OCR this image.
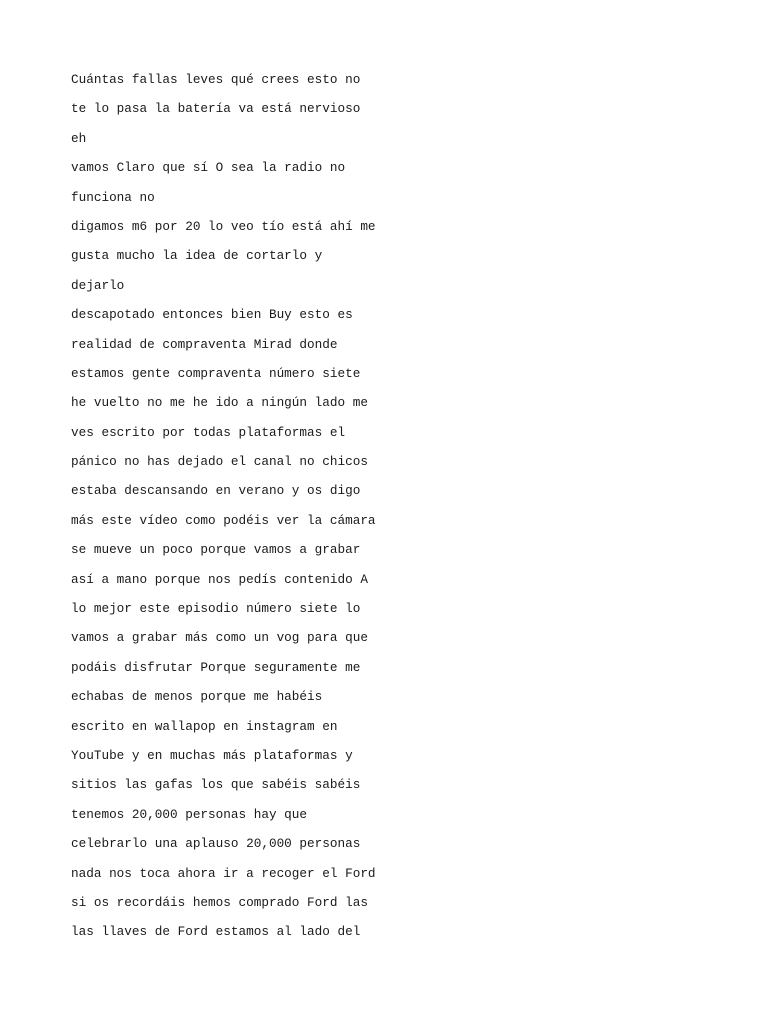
Cuántas fallas leves qué crees esto no
te lo pasa la batería va está nervioso
eh
vamos Claro que sí O sea la radio no
funciona no
digamos m6 por 20 lo veo tío está ahí me
gusta mucho la idea de cortarlo y
dejarlo
descapotado entonces bien Buy esto es
realidad de compraventa Mirad donde
estamos gente compraventa número siete
he vuelto no me he ido a ningún lado me
ves escrito por todas plataformas el
pánico no has dejado el canal no chicos
estaba descansando en verano y os digo
más este vídeo como podéis ver la cámara
se mueve un poco porque vamos a grabar
así a mano porque nos pedís contenido A
lo mejor este episodio número siete lo
vamos a grabar más como un vog para que
podáis disfrutar Porque seguramente me
echabas de menos porque me habéis
escrito en wallapop en instagram en
YouTube y en muchas más plataformas y
sitios las gafas los que sabéis sabéis
tenemos 20,000 personas hay que
celebrarlo una aplauso 20,000 personas
nada nos toca ahora ir a recoger el Ford
si os recordáis hemos comprado Ford las
las llaves de Ford estamos al lado del
